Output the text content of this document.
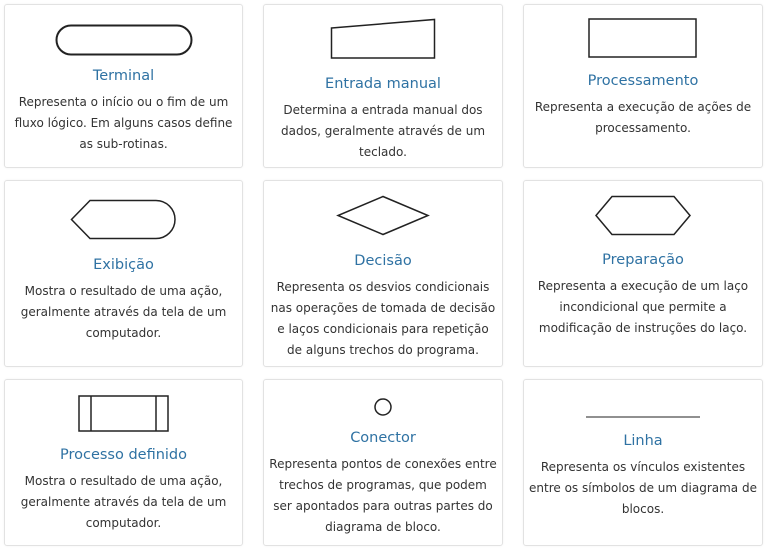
Terminal
Representa o início ou o fim de um fluxo lógico. Em alguns casos define as sub-rotinas.
Entrada manual
Determina a entrada manual dos dados, geralmente através de um teclado.
Processamento
Representa a execução de ações de processamento.
Exibição
Mostra o resultado de uma ação, geralmente através da tela de um computador.
Decisão
Representa os desvios condicionais nas operações de tomada de decisão e laços condicionais para repetição de alguns trechos do programa.
Preparação
Representa a execução de um laço incondicional que permite a modificação de instruções do laço.
Processo definido
Mostra o resultado de uma ação, geralmente através da tela de um computador.
Conector
Representa pontos de conexões entre trechos de programas, que podem ser apontados para outras partes do diagrama de bloco.
Linha
Representa os vínculos existentes entre os símbolos de um diagrama de blocos.
